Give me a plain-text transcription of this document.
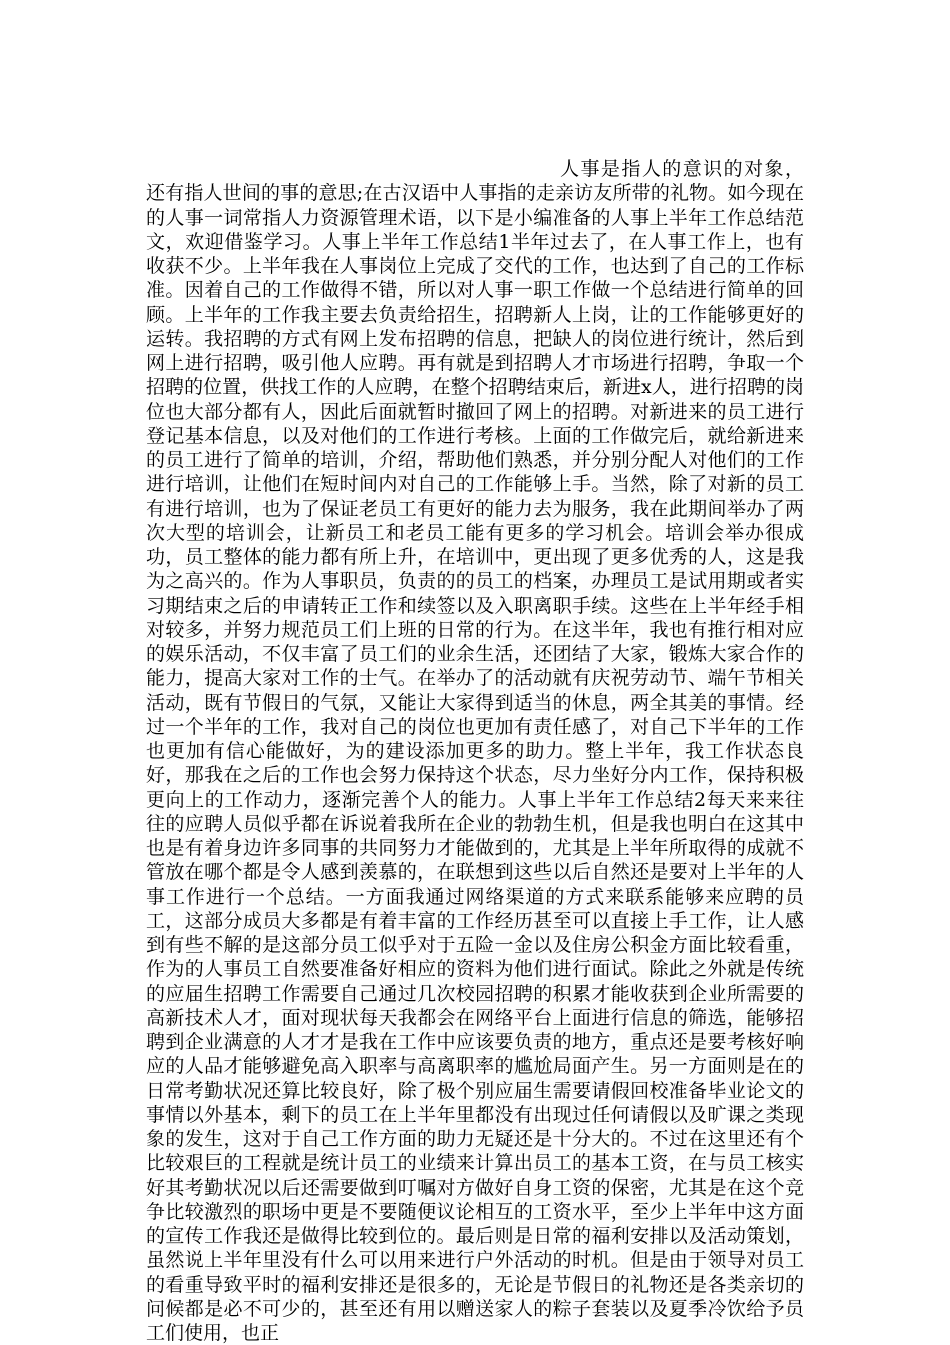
人事是指人的意识的对象，还有指人世间的事的意思;在古汉语中人事指的走亲访友所带的礼物。如今现在的人事一词常指人力资源管理术语，以下是小编准备的人事上半年工作总结范文，欢迎借鉴学习。人事上半年工作总结1半年过去了，在人事工作上，也有收获不少。上半年我在人事岗位上完成了交代的工作，也达到了自己的工作标准。因着自己的工作做得不错，所以对人事一职工作做一个总结进行简单的回顾。上半年的工作我主要去负责给招生，招聘新人上岗，让的工作能够更好的运转。我招聘的方式有网上发布招聘的信息，把缺人的岗位进行统计，然后到网上进行招聘，吸引他人应聘。再有就是到招聘人才市场进行招聘，争取一个招聘的位置，供找工作的人应聘，在整个招聘结束后，新进x人，进行招聘的岗位也大部分都有人，因此后面就暂时撤回了网上的招聘。对新进来的员工进行登记基本信息，以及对他们的工作进行考核。上面的工作做完后，就给新进来的员工进行了简单的培训，介绍，帮助他们熟悉，并分别分配人对他们的工作进行培训，让他们在短时间内对自己的工作能够上手。当然，除了对新的员工有进行培训，也为了保证老员工有更好的能力去为服务，我在此期间举办了两次大型的培训会，让新员工和老员工能有更多的学习机会。培训会举办很成功，员工整体的能力都有所上升，在培训中，更出现了更多优秀的人，这是我为之高兴的。作为人事职员，负责的的员工的档案，办理员工是试用期或者实习期结束之后的申请转正工作和续签以及入职离职手续。这些在上半年经手相对较多，并努力规范员工们上班的日常的行为。在这半年，我也有推行相对应的娱乐活动，不仅丰富了员工们的业余生活，还团结了大家，锻炼大家合作的能力，提高大家对工作的士气。在举办了的活动就有庆祝劳动节、端午节相关活动，既有节假日的气氛，又能让大家得到适当的休息，两全其美的事情。经过一个半年的工作，我对自己的岗位也更加有责任感了，对自己下半年的工作也更加有信心能做好，为的建设添加更多的助力。整上半年，我工作状态良好，那我在之后的工作也会努力保持这个状态，尽力坐好分内工作，保持积极更向上的工作动力，逐渐完善个人的能力。人事上半年工作总结2每天来来往往的应聘人员似乎都在诉说着我所在企业的勃勃生机，但是我也明白在这其中也是有着身边许多同事的共同努力才能做到的，尤其是上半年所取得的成就不管放在哪个都是令人感到羡慕的，在联想到这些以后自然还是要对上半年的人事工作进行一个总结。一方面我通过网络渠道的方式来联系能够来应聘的员工，这部分成员大多都是有着丰富的工作经历甚至可以直接上手工作，让人感到有些不解的是这部分员工似乎对于五险一金以及住房公积金方面比较看重，作为的人事员工自然要准备好相应的资料为他们进行面试。除此之外就是传统的应届生招聘工作需要自己通过几次校园招聘的积累才能收获到企业所需要的高新技术人才，面对现状每天我都会在网络平台上面进行信息的筛选，能够招聘到企业满意的人才才是我在工作中应该要负责的地方，重点还是要考核好响应的人品才能够避免高入职率与高离职率的尴尬局面产生。另一方面则是在的日常考勤状况还算比较良好，除了极个别应届生需要请假回校准备毕业论文的事情以外基本，剩下的员工在上半年里都没有出现过任何请假以及旷课之类现象的发生，这对于自己工作方面的助力无疑还是十分大的。不过在这里还有个比较艰巨的工程就是统计员工的业绩来计算出员工的基本工资，在与员工核实好其考勤状况以后还需要做到叮嘱对方做好自身工资的保密，尤其是在这个竞争比较激烈的职场中更是不要随便议论相互的工资水平，至少上半年中这方面的宣传工作我还是做得比较到位的。最后则是日常的福利安排以及活动策划，虽然说上半年里没有什么可以用来进行户外活动的时机。但是由于领导对员工的看重导致平时的福利安排还是很多的，无论是节假日的礼物还是各类亲切的问候都是必不可少的，甚至还有用以赠送家人的粽子套装以及夏季冷饮给予员工们使用，也正
